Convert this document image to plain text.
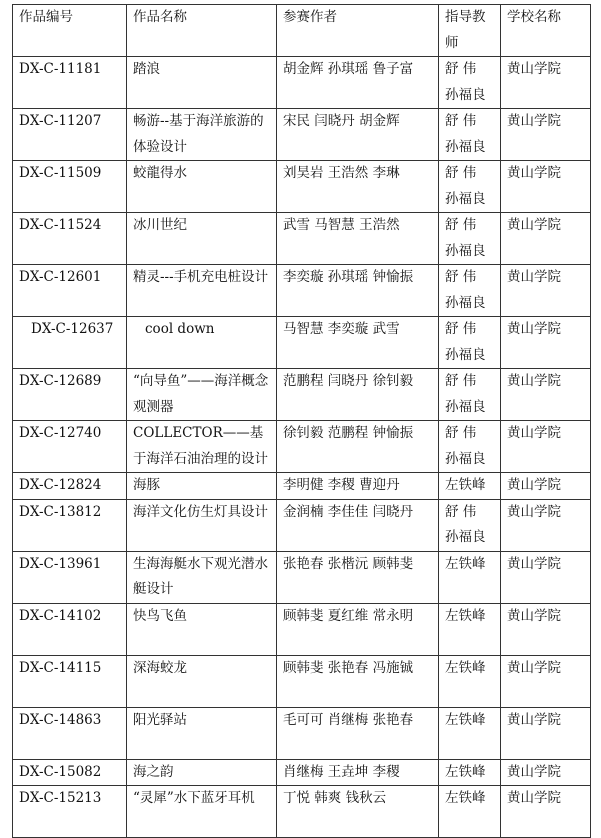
作品编号	作品名称	参赛作者	指导教师	学校名称
DX-C-11181	踏浪	胡金辉 孙琪瑶 鲁子富	舒 伟 孙福良	黄山学院
DX-C-11207	畅游--基于海洋旅游的体验设计	宋民 闫晓丹 胡金辉	舒 伟 孙福良	黄山学院
DX-C-11509	蛟龍得水	刘昊岩 王浩然 李琳	舒 伟 孙福良	黄山学院
DX-C-11524	冰川世纪	武雪 马智慧 王浩然	舒 伟 孙福良	黄山学院
DX-C-12601	精灵---手机充电桩设计	李奕璇 孙琪瑶 钟愉振	舒 伟 孙福良	黄山学院
DX-C-12637	cool down	马智慧 李奕璇 武雪	舒 伟 孙福良	黄山学院
DX-C-12689	“向导鱼”——海洋概念观测器	范鹏程 闫晓丹 徐钊毅	舒 伟 孙福良	黄山学院
DX-C-12740	COLLECTOR——基于海洋石油治理的设计	徐钊毅 范鹏程 钟愉振	舒 伟 孙福良	黄山学院
DX-C-12824	海豚	李明健 李稷 曹迎丹	左铁峰	黄山学院
DX-C-13812	海洋文化仿生灯具设计	金润楠 李佳佳 闫晓丹	舒 伟 孙福良	黄山学院
DX-C-13961	生海海艇水下观光潜水艇设计	张艳春 张楷沅 顾韩斐	左铁峰	黄山学院
DX-C-14102	快鸟飞鱼	顾韩斐 夏红维 常永明	左铁峰	黄山学院
DX-C-14115	深海蛟龙	顾韩斐 张艳春 冯施铖	左铁峰	黄山学院
DX-C-14863	阳光驿站	毛可可 肖继梅 张艳春	左铁峰	黄山学院
DX-C-15082	海之韵	肖继梅 王垚坤 李稷	左铁峰	黄山学院
DX-C-15213	“灵犀”水下蓝牙耳机	丁悦 韩爽 钱秋云	左铁峰	黄山学院
